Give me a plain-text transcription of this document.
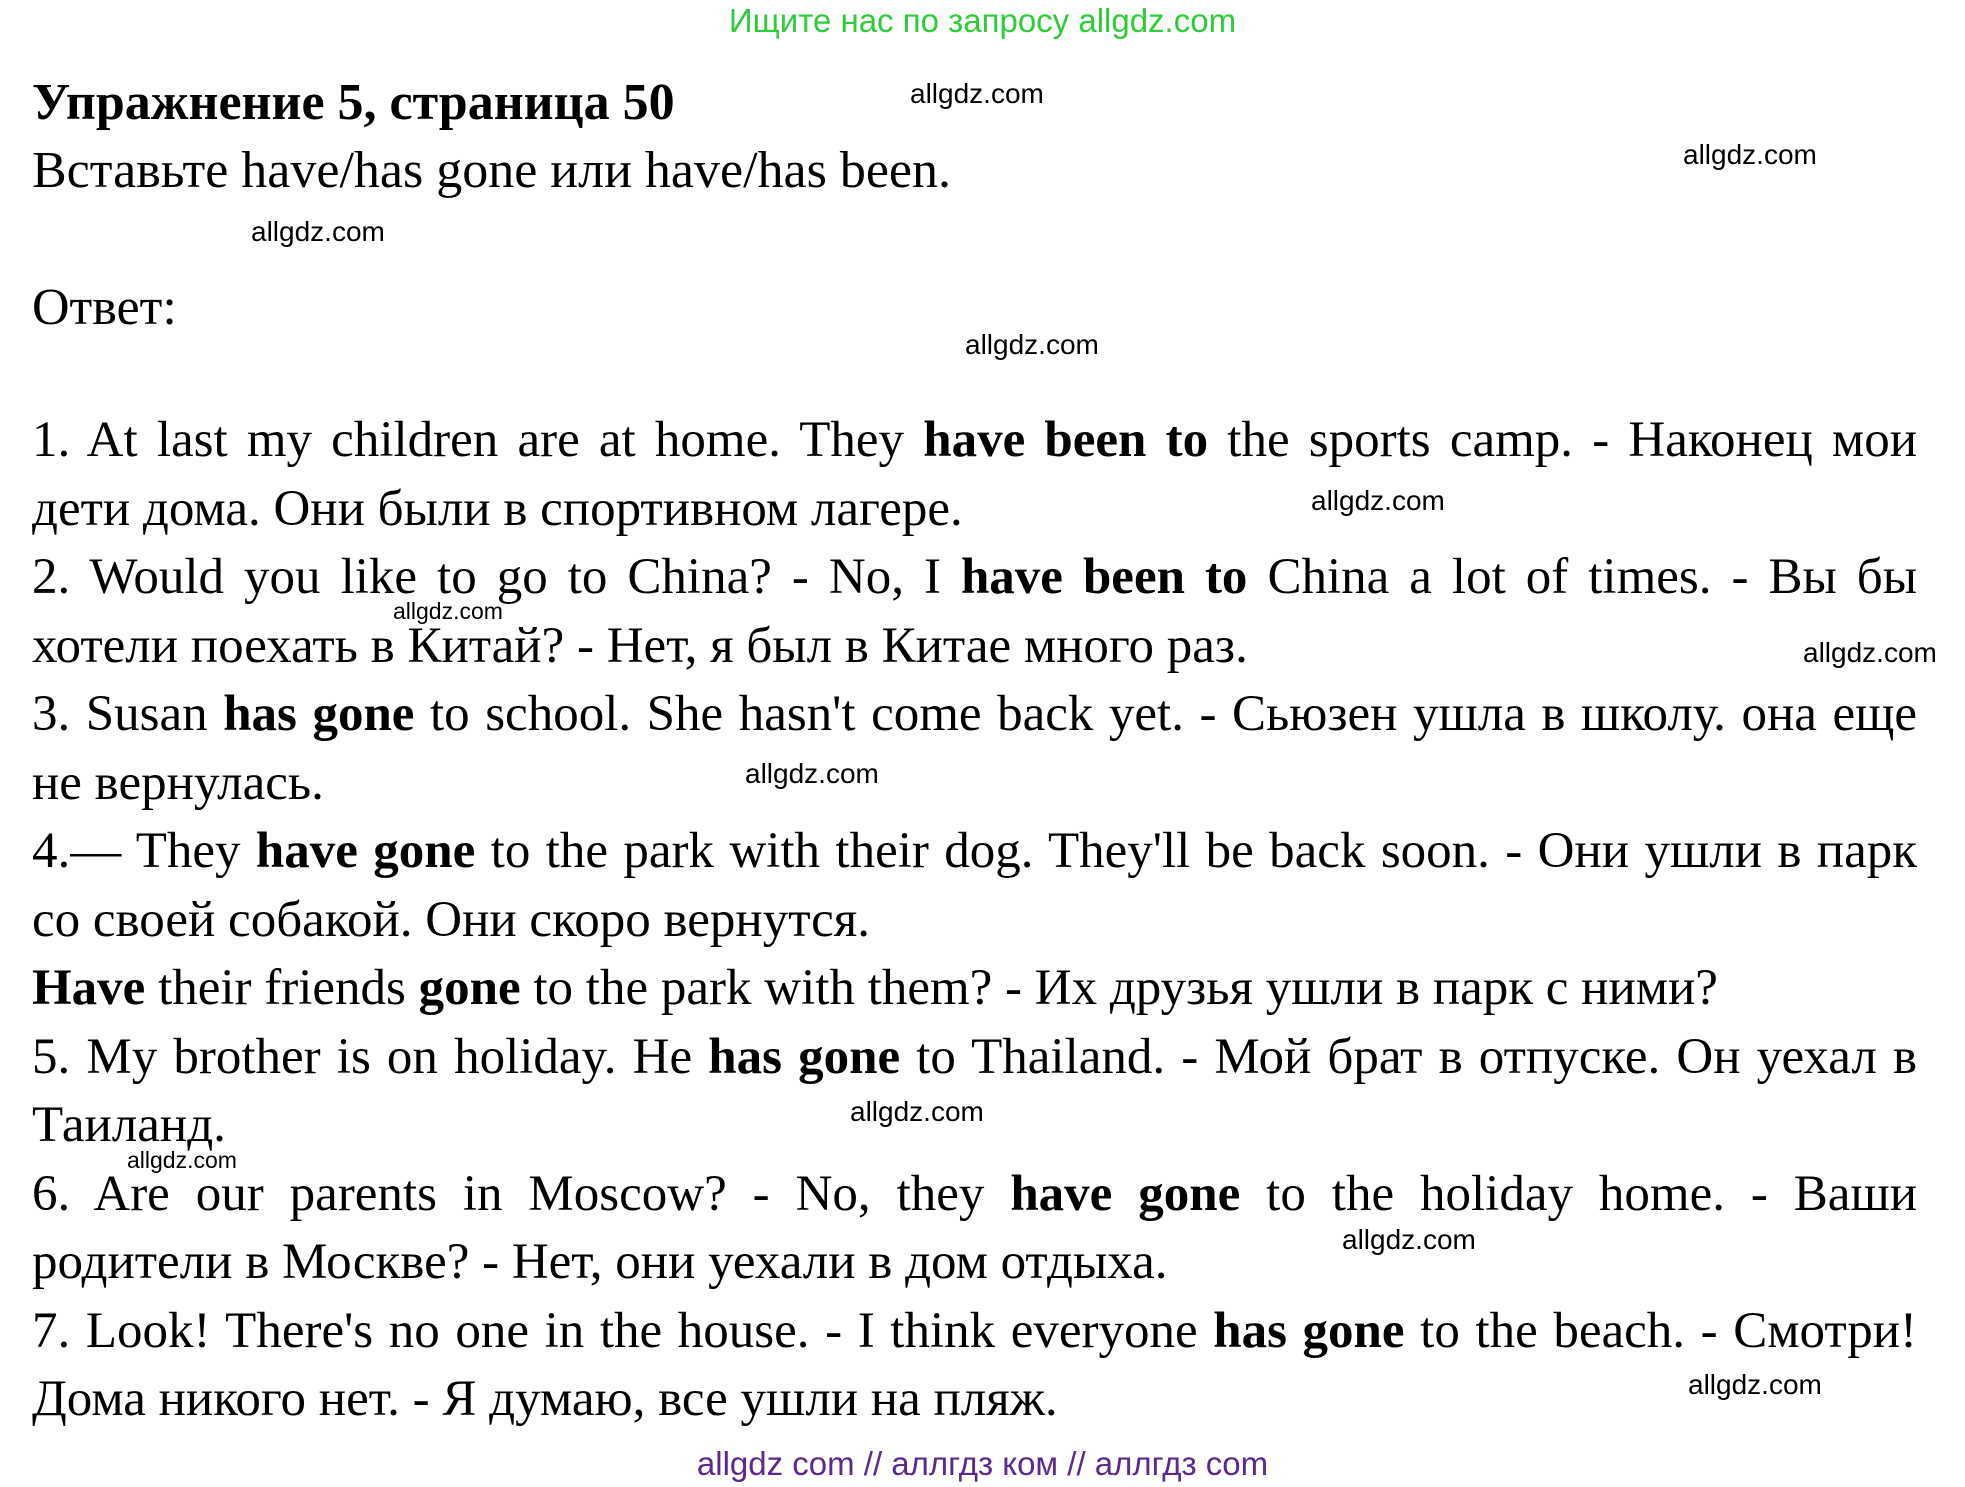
Ищите нас по запросу allgdz.com
Упражнение 5, страница 50

Вставьте have/has gone или have/has been.

Ответ:

1. At last my children are at home. They have been to the sports camp. - Наконец мои дети дома. Они были в спортивном лагере.

2. Would you like to go to China? - No, I have been to China a lot of times. - Вы бы хотели поехать в Китай? - Нет, я был в Китае много раз.

3. Susan has gone to school. She hasn't come back yet. - Сьюзен ушла в школу. она еще не вернулась.

4.— They have gone to the park with their dog. They'll be back soon. - Они ушли в парк со своей собакой. Они скоро вернутся.

Have their friends gone to the park with them? - Их друзья ушли в парк с ними?

5. My brother is on holiday. He has gone to Thailand. - Мой брат в отпуске. Он уехал в Таиланд.

6. Are our parents in Moscow? - No, they have gone to the holiday home. - Ваши родители в Москве? - Нет, они уехали в дом отдыха.

7. Look! There's no one in the house. - I think everyone has gone to the beach. - Смотри! Дома никого нет. - Я думаю, все ушли на пляж.

allgdz.com
allgdz.com
allgdz.com
allgdz.com
allgdz.com
allgdz.com
allgdz.com
allgdz.com
allgdz.com
allgdz.com
allgdz.com
allgdz.com
allgdz com // аллгдз ком // аллгдз com
